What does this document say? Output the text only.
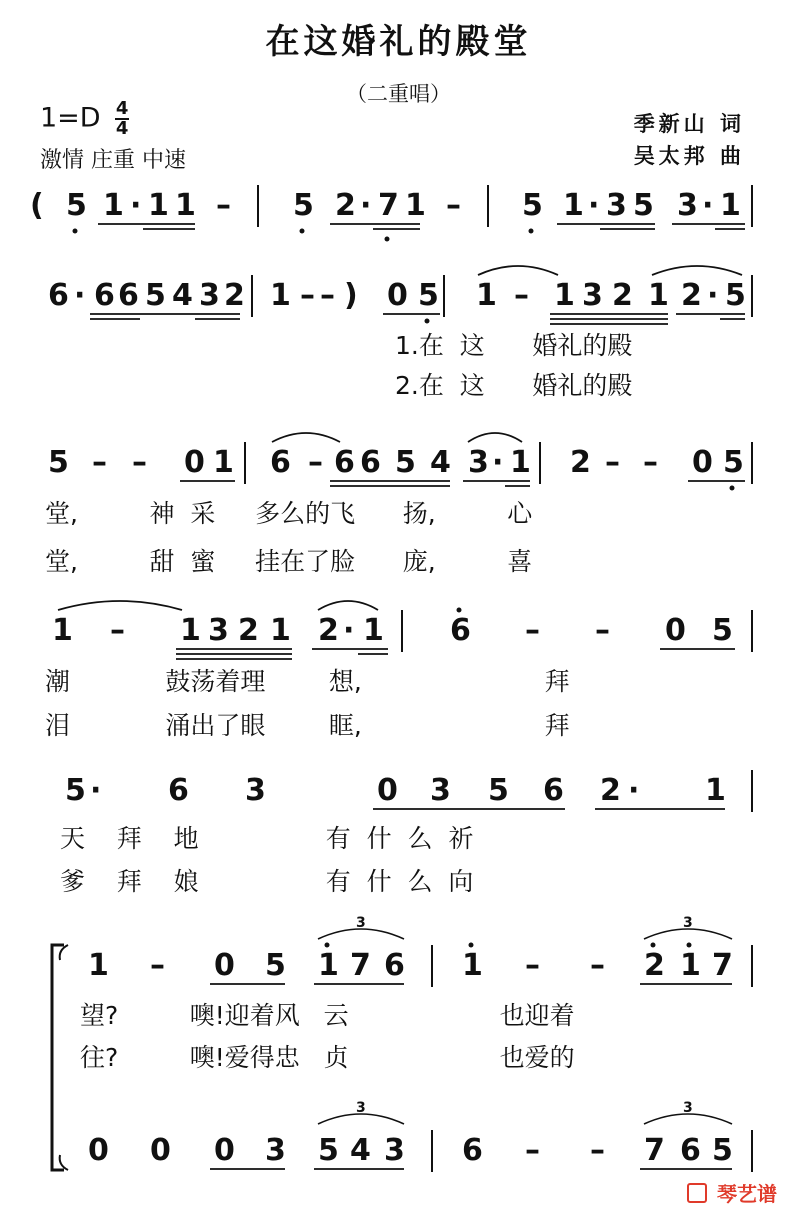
在这婚礼的殿堂
（二重唱）
$1=D \frac{4}{4}$
激情 庄重 中速
季新山 词
吴太邦 曲
( 5 1 · 1 1 – 5 2 · 7 1 – 5 1 · 3 5 3 · 1
6 · 6 6 5 4 3 2 1 – – ) 0 5 1 – 1 3 2 1 2 · 5
5 – – 0 1 6 – 6 6 5 4 3 · 1 2 – – 0 5
1 – 1 3 2 1 2 · 1 6 – – 0 5
5 · 6 3	0 3 5 6 2 · 1
1 – 0 5 1 7 6 1 – – 2 1 7
3	3
0 0 0 3 5 4 3 6 – – 7 6 5
3	3
1.在  这      婚礼的殿
2.在  这      婚礼的殿
堂,         神  采     多么的飞      扬,         心
堂,         甜  蜜     挂在了脸      庞,         喜
潮            鼓荡着理        想,                       拜
泪            涌出了眼        眶,                       拜
天    拜    地                有  什  么  祈
爹    拜    娘                有  什  么  向
望?         噢!迎着风   云                   也迎着
往?         噢!爱得忠   贞                   也爱的
琴艺谱
